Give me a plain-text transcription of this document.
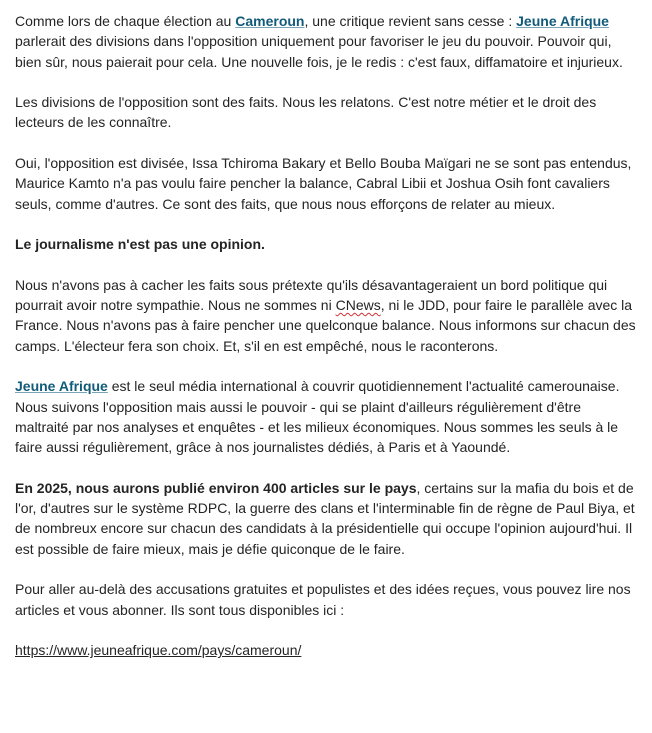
Comme lors de chaque élection au Cameroun, une critique revient sans cesse : Jeune Afrique parlerait des divisions dans l'opposition uniquement pour favoriser le jeu du pouvoir. Pouvoir qui, bien sûr, nous paierait pour cela. Une nouvelle fois, je le redis : c'est faux, diffamatoire et injurieux.

Les divisions de l'opposition sont des faits. Nous les relatons. C'est notre métier et le droit des lecteurs de les connaître.

Oui, l'opposition est divisée, Issa Tchiroma Bakary et Bello Bouba Maïgari ne se sont pas entendus, Maurice Kamto n'a pas voulu faire pencher la balance, Cabral Libii et Joshua Osih font cavaliers seuls, comme d'autres. Ce sont des faits, que nous nous efforçons de relater au mieux.

Le journalisme n'est pas une opinion.

Nous n'avons pas à cacher les faits sous prétexte qu'ils désavantageraient un bord politique qui pourrait avoir notre sympathie. Nous ne sommes ni CNews, ni le JDD, pour faire le parallèle avec la France. Nous n'avons pas à faire pencher une quelconque balance. Nous informons sur chacun des camps. L'électeur fera son choix. Et, s'il en est empêché, nous le raconterons.

Jeune Afrique est le seul média international à couvrir quotidiennement l'actualité camerounaise. Nous suivons l'opposition mais aussi le pouvoir - qui se plaint d'ailleurs régulièrement d'être maltraité par nos analyses et enquêtes - et les milieux économiques. Nous sommes les seuls à le faire aussi régulièrement, grâce à nos journalistes dédiés, à Paris et à Yaoundé.

En 2025, nous aurons publié environ 400 articles sur le pays, certains sur la mafia du bois et de l'or, d'autres sur le système RDPC, la guerre des clans et l'interminable fin de règne de Paul Biya, et de nombreux encore sur chacun des candidats à la présidentielle qui occupe l'opinion aujourd'hui. Il est possible de faire mieux, mais je défie quiconque de le faire.

Pour aller au-delà des accusations gratuites et populistes et des idées reçues, vous pouvez lire nos articles et vous abonner. Ils sont tous disponibles ici :

https://www.jeuneafrique.com/pays/cameroun/
